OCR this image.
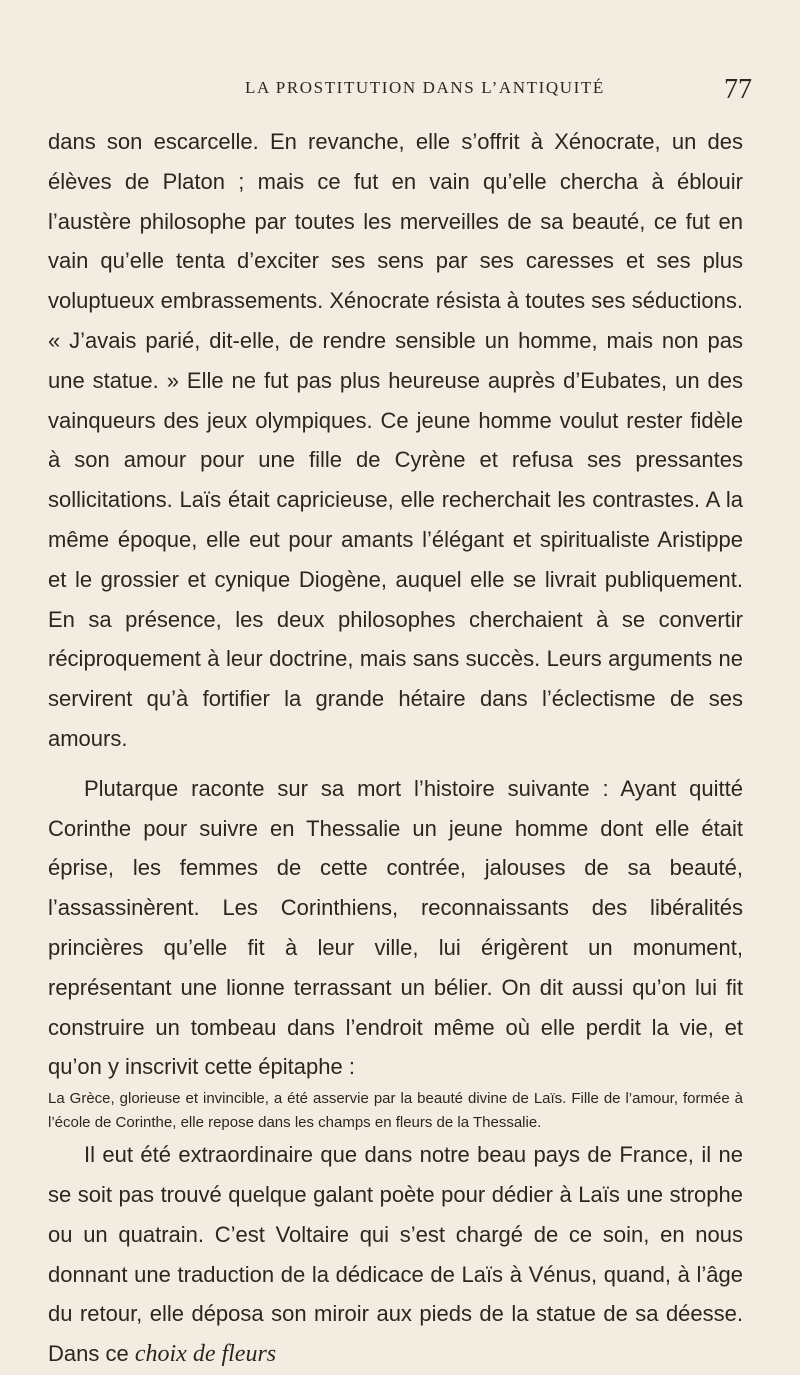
LA PROSTITUTION DANS L’ANTIQUITÉ	77

dans son escarcelle. En revanche, elle s’offrit à Xénocrate, un des élèves de Platon ; mais ce fut en vain qu’elle chercha à éblouir l’austère philosophe par toutes les merveilles de sa beauté, ce fut en vain qu’elle tenta d’exciter ses sens par ses caresses et ses plus voluptueux embrassements. Xénocrate résista à toutes ses séductions. « J’avais parié, dit-elle, de rendre sensible un homme, mais non pas une statue. » Elle ne fut pas plus heureuse auprès d’Eubates, un des vainqueurs des jeux olympiques. Ce jeune homme voulut rester fidèle à son amour pour une fille de Cyrène et refusa ses pressantes sollicitations. Laïs était capricieuse, elle recherchait les contrastes. A la même époque, elle eut pour amants l’élégant et spiritualiste Aristippe et le grossier et cynique Diogène, auquel elle se livrait publiquement. En sa présence, les deux philosophes cherchaient à se convertir réciproquement à leur doctrine, mais sans succès. Leurs arguments ne servirent qu’à fortifier la grande hétaire dans l’éclectisme de ses amours.

Plutarque raconte sur sa mort l’histoire suivante : Ayant quitté Corinthe pour suivre en Thessalie un jeune homme dont elle était éprise, les femmes de cette contrée, jalouses de sa beauté, l’assassinèrent. Les Corinthiens, reconnaissants des libéralités princières qu’elle fit à leur ville, lui érigèrent un monument, représentant une lionne terrassant un bélier. On dit aussi qu’on lui fit construire un tombeau dans l’endroit même où elle perdit la vie, et qu’on y inscrivit cette épitaphe :

La Grèce, glorieuse et invincible, a été asservie par la beauté divine de Laïs. Fille de l’amour, formée à l’école de Corinthe, elle repose dans les champs en fleurs de la Thessalie.

Il eut été extraordinaire que dans notre beau pays de France, il ne se soit pas trouvé quelque galant poète pour dédier à Laïs une strophe ou un quatrain. C’est Voltaire qui s’est chargé de ce soin, en nous donnant une traduction de la dédicace de Laïs à Vénus, quand, à l’âge du retour, elle déposa son miroir aux pieds de la statue de sa déesse. Dans ce choix de fleurs
